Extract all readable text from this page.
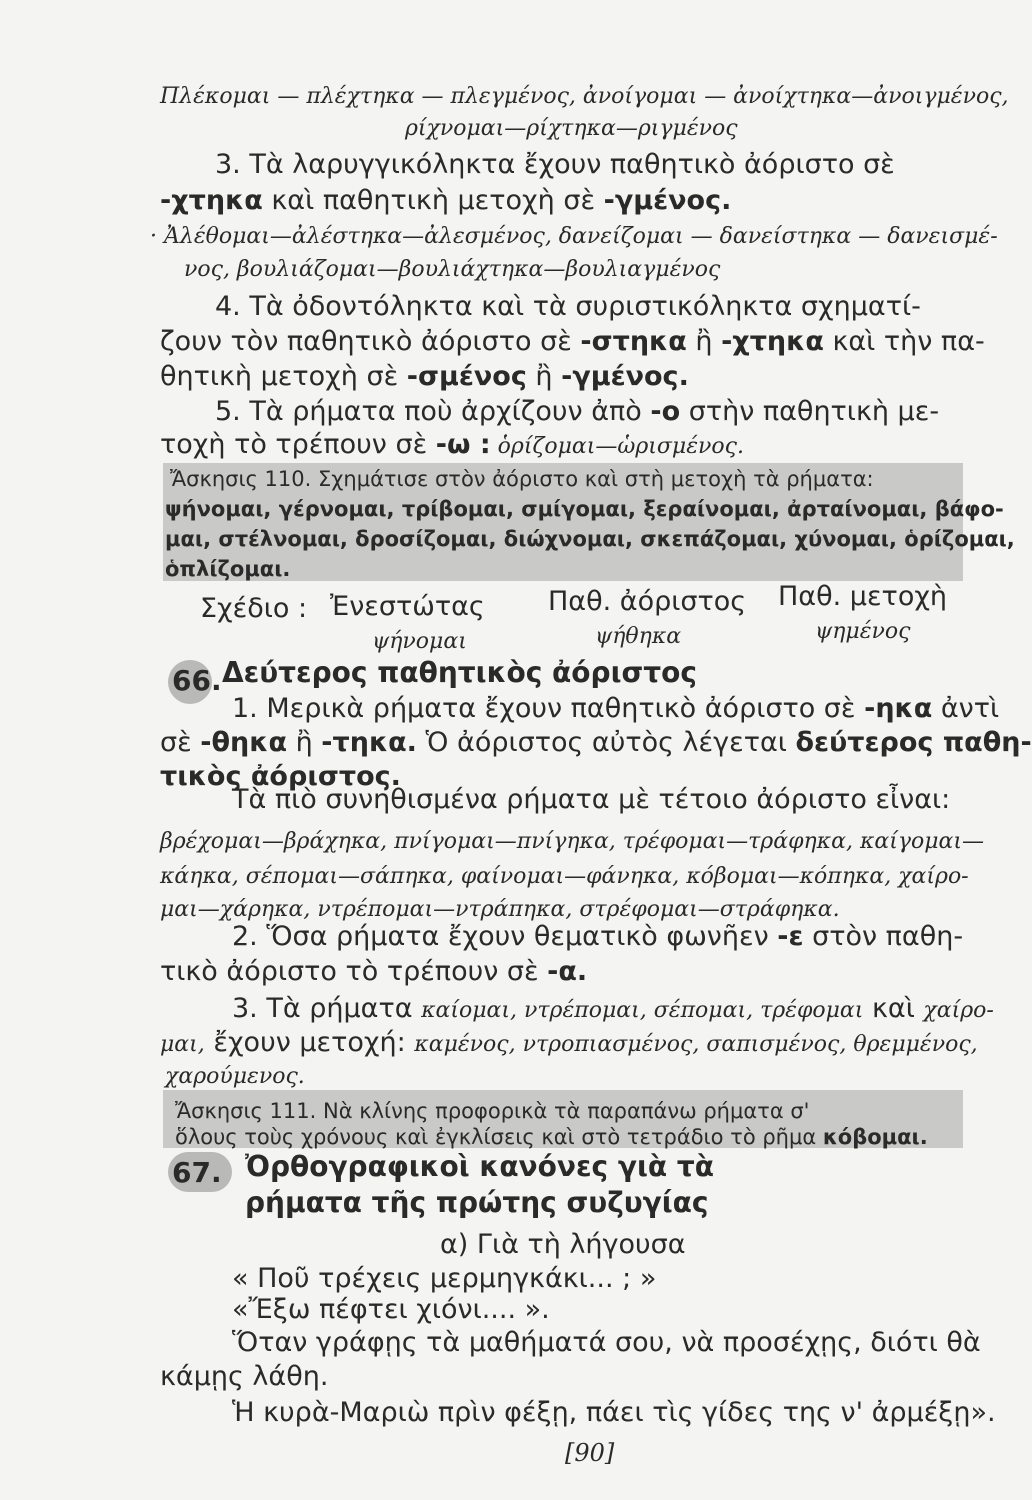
Πλέκομαι — πλέχτηκα — πλεγμένος, ἀνοίγομαι — ἀνοίχτηκα—ἀνοιγμένος,
ρίχνομαι—ρίχτηκα—ριγμένος
3. Τὰ λαρυγγικόληκτα ἔχουν παθητικὸ ἀόριστο σὲ
-χτηκα καὶ παθητικὴ μετοχὴ σὲ -γμένος.
· Ἀλέθομαι—ἀλέστηκα—ἀλεσμένος, δανείζομαι — δανείστηκα — δανεισμέ-
νος, βουλιάζομαι—βουλιάχτηκα—βουλιαγμένος
4. Τὰ ὀδοντόληκτα καὶ τὰ συριστικόληκτα σχηματί-
ζουν τὸν παθητικὸ ἀόριστο σὲ -στηκα ἢ -χτηκα καὶ τὴν πα-
θητικὴ μετοχὴ σὲ -σμένος ἢ -γμένος.
5. Τὰ ρήματα ποὺ ἀρχίζουν ἀπὸ -ο στὴν παθητικὴ με-
τοχὴ τὸ τρέπουν σὲ -ω : ὁρίζομαι—ὡρισμένος.
Ἄσκησις 110. Σχημάτισε στὸν ἀόριστο καὶ στὴ μετοχὴ τὰ ρήματα:
ψήνομαι, γέρνομαι, τρίβομαι, σμίγομαι, ξεραίνομαι, ἀρταίνομαι, βάφο-
μαι, στέλνομαι, δροσίζομαι, διώχνομαι, σκεπάζομαι, χύνομαι, ὁρίζομαι,
ὁπλίζομαι.
Σχέδιο : Ἐνεστώτας Παθ. ἀόριστος Παθ. μετοχὴ
ψήνομαι	ψήθηκα	ψημένος
66. Δεύτερος παθητικὸς ἀόριστος
1. Μερικὰ ρήματα ἔχουν παθητικὸ ἀόριστο σὲ -ηκα ἀντὶ
σὲ -θηκα ἢ -τηκα. Ὁ ἀόριστος αὐτὸς λέγεται δεύτερος παθη-
τικὸς ἀόριστος.
Τὰ πιὸ συνηθισμένα ρήματα μὲ τέτοιο ἀόριστο εἶναι:
βρέχομαι—βράχηκα, πνίγομαι—πνίγηκα, τρέφομαι—τράφηκα, καίγομαι—
κάηκα, σέπομαι—σάπηκα, φαίνομαι—φάνηκα, κόβομαι—κόπηκα, χαίρο-
μαι—χάρηκα, ντρέπομαι—ντράπηκα, στρέφομαι—στράφηκα.
2. Ὅσα ρήματα ἔχουν θεματικὸ φωνῆεν -ε στὸν παθη-
τικὸ ἀόριστο τὸ τρέπουν σὲ -α.
3. Τὰ ρήματα καίομαι, ντρέπομαι, σέπομαι, τρέφομαι καὶ χαίρο-
μαι, ἔχουν μετοχή: καμένος, ντροπιασμένος, σαπισμένος, θρεμμένος,
χαρούμενος.
Ἄσκησις 111. Νὰ κλίνης προφορικὰ τὰ παραπάνω ρήματα σ'
ὅλους τοὺς χρόνους καὶ ἐγκλίσεις καὶ στὸ τετράδιο τὸ ρῆμα κόβομαι.
67. Ὀρθογραφικοὶ κανόνες γιὰ τὰ
ρήματα τῆς πρώτης συζυγίας
α) Γιὰ τὴ λήγουσα
« Ποῦ τρέχεις μερμηγκάκι... ; »
«Ἔξω πέφτει χιόνι.... ».
Ὅταν γράφῃς τὰ μαθήματά σου, νὰ προσέχῃς, διότι θὰ
κάμῃς λάθη.
Ἡ κυρὰ-Μαριὼ πρὶν φέξῃ, πάει τὶς γίδες της ν' ἀρμέξῃ».
[90]
